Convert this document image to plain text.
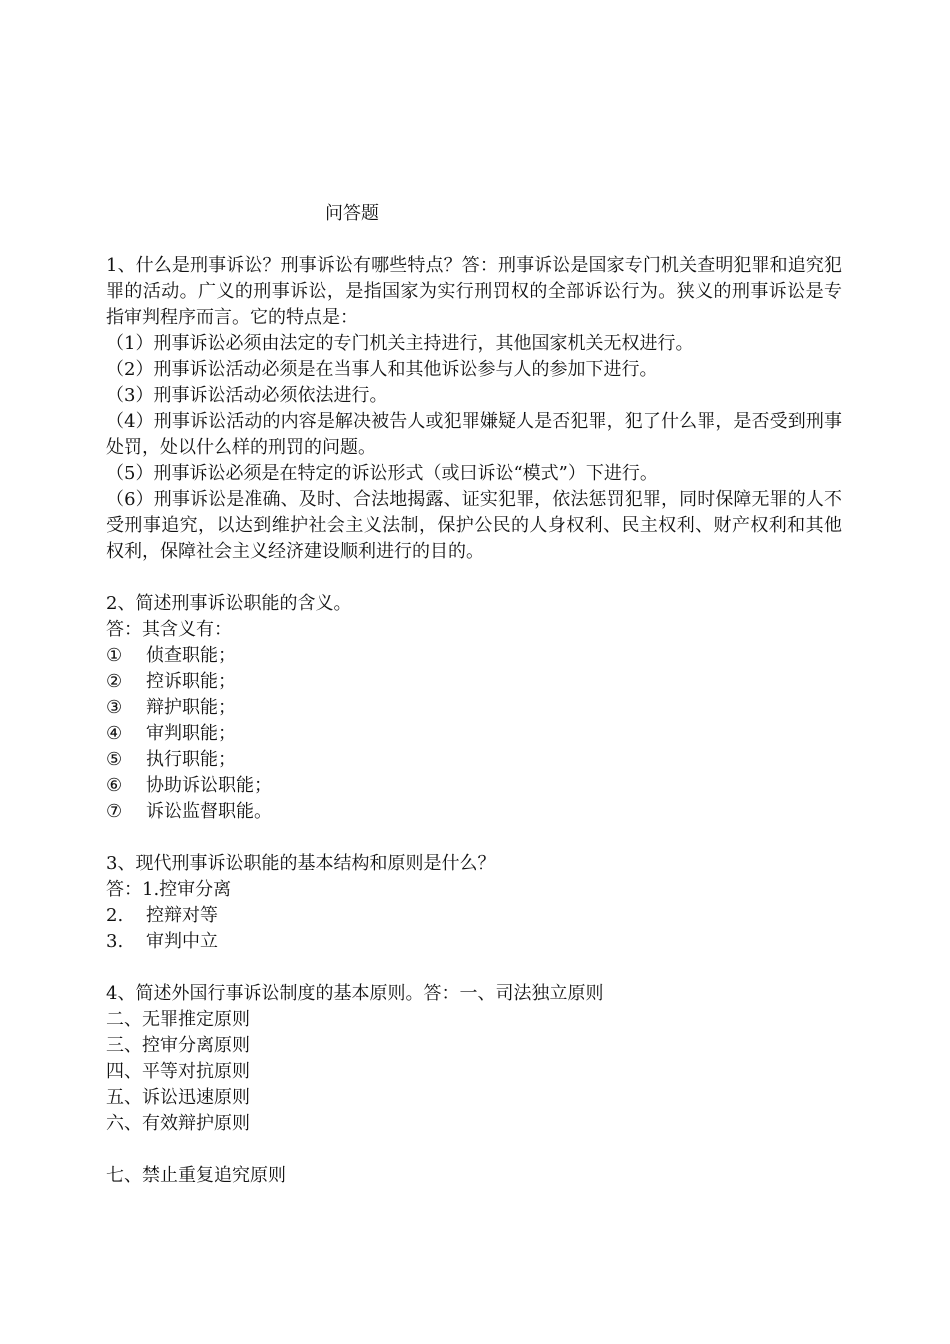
问答题

1、什么是刑事诉讼？刑事诉讼有哪些特点？答：刑事诉讼是国家专门机关查明犯罪和追究犯罪的活动。广义的刑事诉讼，是指国家为实行刑罚权的全部诉讼行为。狭义的刑事诉讼是专指审判程序而言。它的特点是：

（1）刑事诉讼必须由法定的专门机关主持进行，其他国家机关无权进行。

（2）刑事诉讼活动必须是在当事人和其他诉讼参与人的参加下进行。

（3）刑事诉讼活动必须依法进行。

（4）刑事诉讼活动的内容是解决被告人或犯罪嫌疑人是否犯罪，犯了什么罪，是否受到刑事处罚，处以什么样的刑罚的问题。

（5）刑事诉讼必须是在特定的诉讼形式（或曰诉讼“模式”）下进行。

（6）刑事诉讼是准确、及时、合法地揭露、证实犯罪，依法惩罚犯罪，同时保障无罪的人不受刑事追究，以达到维护社会主义法制，保护公民的人身权利、民主权利、财产权利和其他权利，保障社会主义经济建设顺利进行的目的。

2、简述刑事诉讼职能的含义。

答：其含义有：

① 侦查职能；

② 控诉职能；

③ 辩护职能；

④ 审判职能；

⑤ 执行职能；

⑥ 协助诉讼职能；

⑦ 诉讼监督职能。

3、现代刑事诉讼职能的基本结构和原则是什么？

答：1.控审分离

2. 控辩对等

3. 审判中立

4、简述外国行事诉讼制度的基本原则。答：一、司法独立原则

二、无罪推定原则

三、控审分离原则

四、平等对抗原则

五、诉讼迅速原则

六、有效辩护原则

七、禁止重复追究原则
